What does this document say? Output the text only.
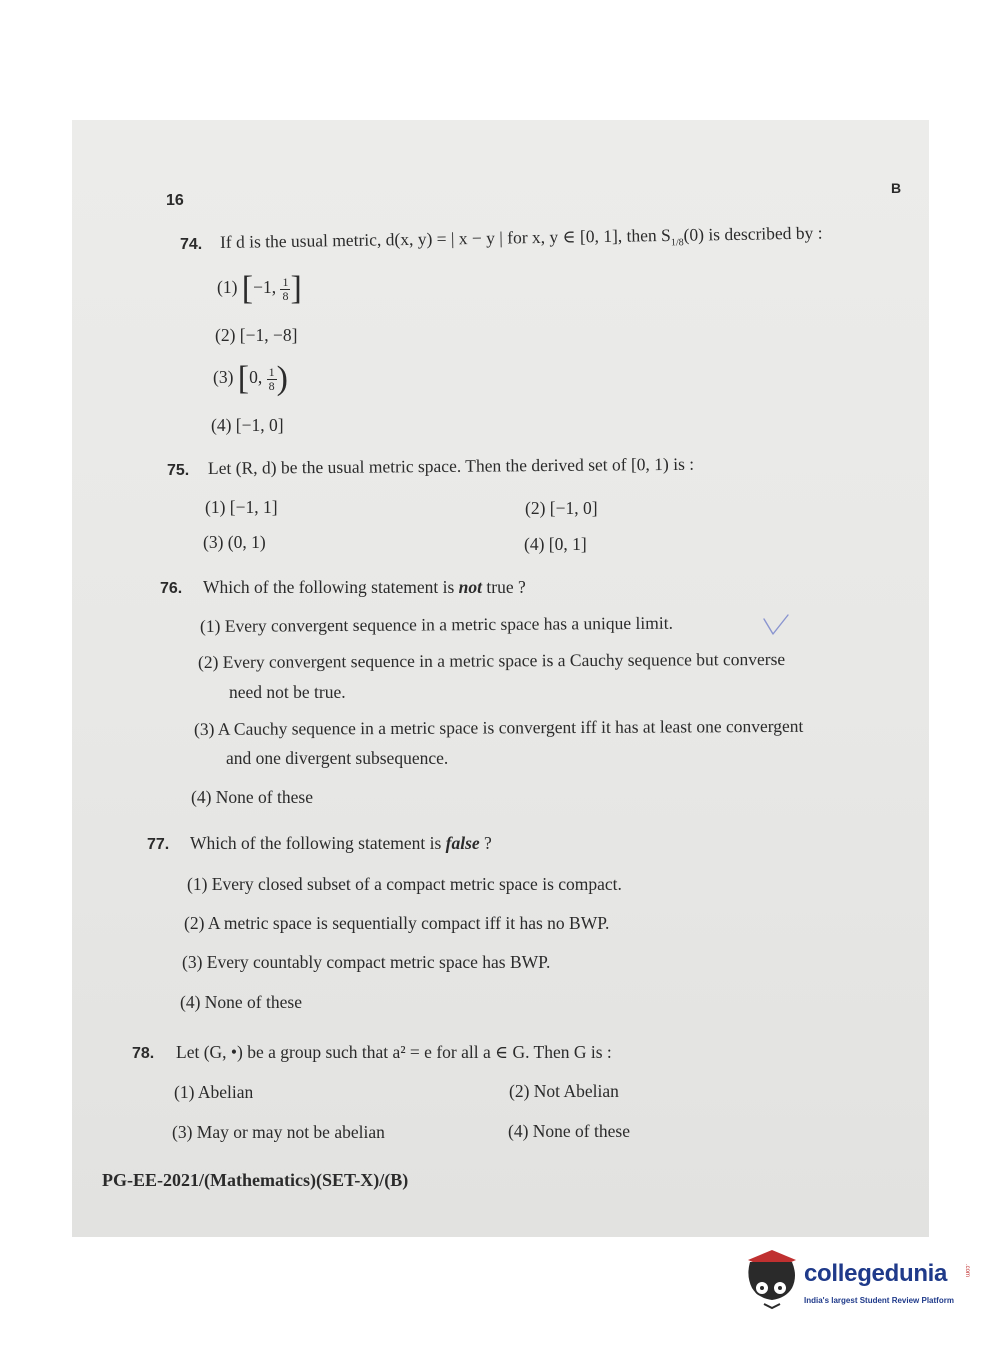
16
B
74. If d is the usual metric, d(x, y) = | x − y | for x, y ∈ [0, 1], then $S_{1/8}(0)$ is described by :
(1) [−1, $\frac{1}{8}$ ]
(2) [−1, −8]
(3) [0, $\frac{1}{8}$ )
(4) [−1, 0]
75. Let (R, d) be the usual metric space. Then the derived set of [0, 1) is :
(1) [−1, 1]	(2) [−1, 0]
(3) (0, 1)	(4) [0, 1]
76. Which of the following statement is not true ?
(1) Every convergent sequence in a metric space has a unique limit.
(2) Every convergent sequence in a metric space is a Cauchy sequence but converse
need not be true.
(3) A Cauchy sequence in a metric space is convergent iff it has at least one convergent
and one divergent subsequence.
(4) None of these
77. Which of the following statement is false ?
(1) Every closed subset of a compact metric space is compact.
(2) A metric space is sequentially compact iff it has no BWP.
(3) Every countably compact metric space has BWP.
(4) None of these
78. Let (G, •) be a group such that a² = e for all a ∈ G. Then G is :
(1) Abelian	(2) Not Abelian
(3) May or may not be abelian	(4) None of these
PG-EE-2021/(Mathematics)(SET-X)/(B)
collegedunia	.com
India's largest Student Review Platform
